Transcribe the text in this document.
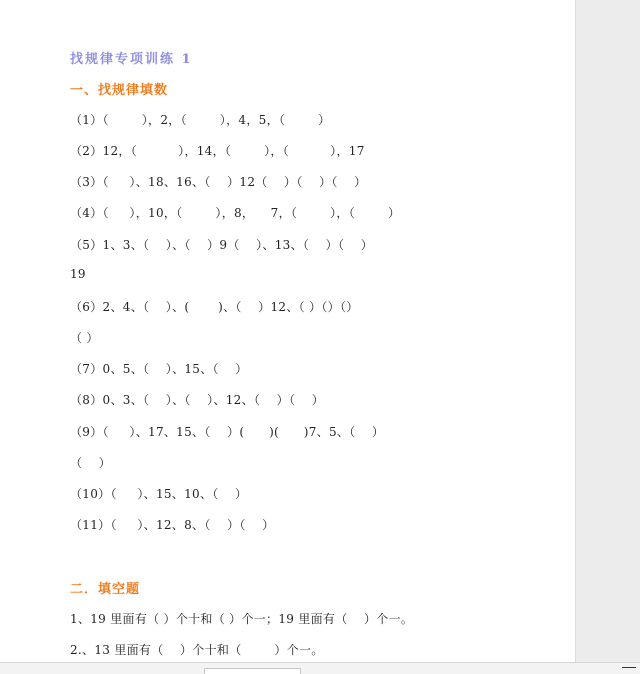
找规律专项训练 1
一、找规律填数
（1）（        ），2，（        ），4，5，（        ）
（2）12，（          ），14，（        ），（          ），17
（3）（     ）、18、16、（    ）12（    ）（    ）（    ）
（4）（     ），10，（        ），8，    7，（        ），（        ）
（5）1、3、（    ）、（    ）9（    ）、13、（    ）（    ）
19
（6）2、4、（    ）、(       )、（    ）12、（ ）（）（）
（ ）
（7）0、5、（    ）、15、（    ）
（8）0、3、（    ）、（    ）、12、（    ）（    ）
（9）（     ）、17、15、（    ）(      )(      )7、5、（    ）
（    ）
（10）（     ）、15、10、（    ）
（11）（     ）、12、8、（    ）（    ）
二．填空题
1、19 里面有（ ）个十和（ ）个一；19 里面有（    ）个一。
2.、13 里面有（    ）个十和（        ）个一。
